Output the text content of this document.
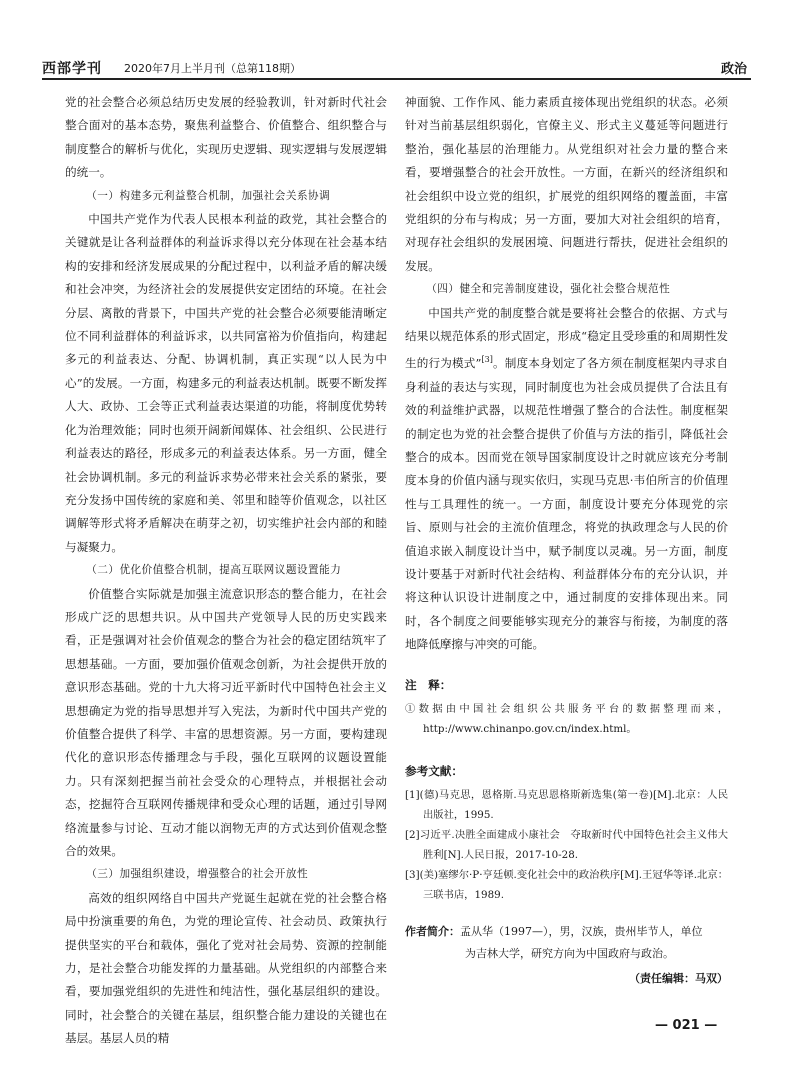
西部学刊 2020年7月上半月刊（总第118期）	政治

党的社会整合必须总结历史发展的经验教训，针对新时代社会整合面对的基本态势，聚焦利益整合、价值整合、组织整合与制度整合的解析与优化，实现历史逻辑、现实逻辑与发展逻辑的统一。

（一）构建多元利益整合机制，加强社会关系协调

中国共产党作为代表人民根本利益的政党，其社会整合的关键就是让各利益群体的利益诉求得以充分体现在社会基本结构的安排和经济发展成果的分配过程中，以利益矛盾的解决缓和社会冲突，为经济社会的发展提供安定团结的环境。在社会分层、离散的背景下，中国共产党的社会整合必须要能清晰定位不同利益群体的利益诉求，以共同富裕为价值指向，构建起多元的利益表达、分配、协调机制，真正实现“以人民为中心”的发展。一方面，构建多元的利益表达机制。既要不断发挥人大、政协、工会等正式利益表达渠道的功能，将制度优势转化为治理效能；同时也须开阔新闻媒体、社会组织、公民进行利益表达的路径，形成多元的利益表达体系。另一方面，健全社会协调机制。多元的利益诉求势必带来社会关系的紧张，要充分发扬中国传统的家庭和美、邻里和睦等价值观念，以社区调解等形式将矛盾解决在萌芽之初，切实维护社会内部的和睦与凝聚力。

（二）优化价值整合机制，提高互联网议题设置能力

价值整合实际就是加强主流意识形态的整合能力，在社会形成广泛的思想共识。从中国共产党领导人民的历史实践来看，正是强调对社会价值观念的整合为社会的稳定团结筑牢了思想基础。一方面，要加强价值观念创新，为社会提供开放的意识形态基础。党的十九大将习近平新时代中国特色社会主义思想确定为党的指导思想并写入宪法，为新时代中国共产党的价值整合提供了科学、丰富的思想资源。另一方面，要构建现代化的意识形态传播理念与手段，强化互联网的议题设置能力。只有深刻把握当前社会受众的心理特点，并根据社会动态，挖掘符合互联网传播规律和受众心理的话题，通过引导网络流量参与讨论、互动才能以润物无声的方式达到价值观念整合的效果。

（三）加强组织建设，增强整合的社会开放性

高效的组织网络自中国共产党诞生起就在党的社会整合格局中扮演重要的角色，为党的理论宣传、社会动员、政策执行提供坚实的平台和载体，强化了党对社会局势、资源的控制能力，是社会整合功能发挥的力量基础。从党组织的内部整合来看，要加强党组织的先进性和纯洁性，强化基层组织的建设。同时，社会整合的关键在基层，组织整合能力建设的关键也在基层。基层人员的精

神面貌、工作作风、能力素质直接体现出党组织的状态。必须针对当前基层组织弱化，官僚主义、形式主义蔓延等问题进行整治，强化基层的治理能力。从党组织对社会力量的整合来看，要增强整合的社会开放性。一方面，在新兴的经济组织和社会组织中设立党的组织，扩展党的组织网络的覆盖面，丰富党组织的分布与构成；另一方面，要加大对社会组织的培育，对现存社会组织的发展困境、问题进行帮扶，促进社会组织的发展。

（四）健全和完善制度建设，强化社会整合规范性

中国共产党的制度整合就是要将社会整合的依据、方式与结果以规范体系的形式固定，形成“稳定且受珍重的和周期性发生的行为模式”[3]。制度本身划定了各方须在制度框架内寻求自身利益的表达与实现，同时制度也为社会成员提供了合法且有效的利益维护武器，以规范性增强了整合的合法性。制度框架的制定也为党的社会整合提供了价值与方法的指引，降低社会整合的成本。因而党在领导国家制度设计之时就应该充分考制度本身的价值内涵与现实依归，实现马克思·韦伯所言的价值理性与工具理性的统一。一方面，制度设计要充分体现党的宗旨、原则与社会的主流价值理念，将党的执政理念与人民的价值追求嵌入制度设计当中，赋予制度以灵魂。另一方面，制度设计要基于对新时代社会结构、利益群体分布的充分认识，并将这种认识设计进制度之中，通过制度的安排体现出来。同时，各个制度之间要能够实现充分的兼容与衔接，为制度的落地降低摩擦与冲突的可能。

注　释：

①数据由中国社会组织公共服务平台的数据整理而来，http://www.chinanpo.gov.cn/index.html。

参考文献：

[1](德)马克思，恩格斯.马克思恩格斯新选集(第一卷)[M].北京：人民出版社，1995.

[2]习近平.决胜全面建成小康社会　夺取新时代中国特色社会主义伟大胜利[N].人民日报，2017-10-28.

[3](美)塞缪尔·P·亨廷顿.变化社会中的政治秩序[M].王冠华等译.北京：三联书店，1989.

作者简介：孟从华（1997—），男，汉族，贵州毕节人，单位
为吉林大学，研究方向为中国政府与政治。
（责任编辑：马双）
— 021 —
